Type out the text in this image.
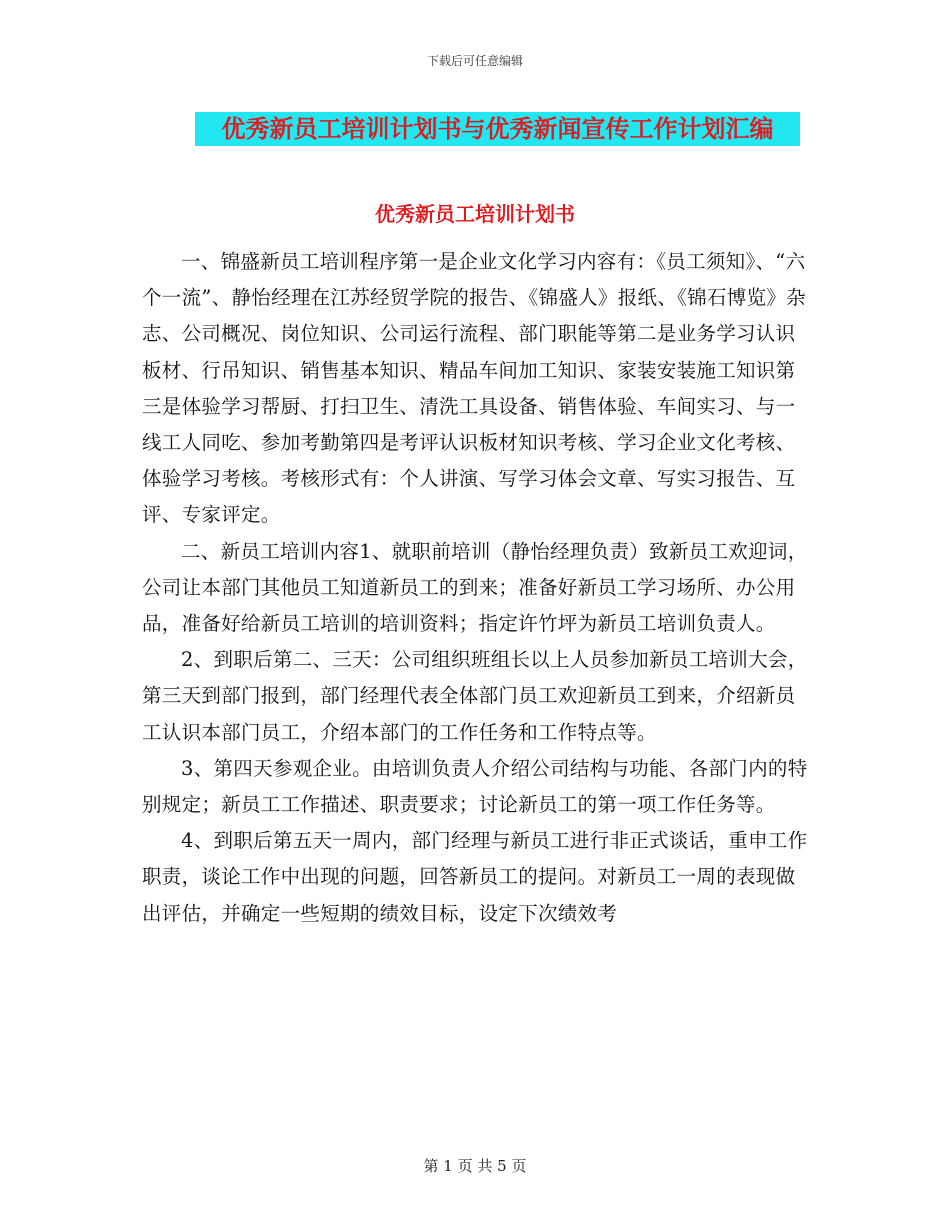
下载后可任意编辑
优秀新员工培训计划书与优秀新闻宣传工作计划汇编
优秀新员工培训计划书

一、锦盛新员工培训程序第一是企业文化学习内容有：《员工须知》、“六个一流”、静怡经理在江苏经贸学院的报告、《锦盛人》报纸、《锦石博览》杂志、公司概况、岗位知识、公司运行流程、部门职能等第二是业务学习认识板材、行吊知识、销售基本知识、精品车间加工知识、家装安装施工知识第三是体验学习帮厨、打扫卫生、清洗工具设备、销售体验、车间实习、与一线工人同吃、参加考勤第四是考评认识板材知识考核、学习企业文化考核、体验学习考核。考核形式有：个人讲演、写学习体会文章、写实习报告、互评、专家评定。

二、新员工培训内容1、就职前培训（静怡经理负责）致新员工欢迎词，公司让本部门其他员工知道新员工的到来；准备好新员工学习场所、办公用品，准备好给新员工培训的培训资料；指定许竹坪为新员工培训负责人。

2、到职后第二、三天：公司组织班组长以上人员参加新员工培训大会，第三天到部门报到，部门经理代表全体部门员工欢迎新员工到来，介绍新员工认识本部门员工，介绍本部门的工作任务和工作特点等。

3、第四天参观企业。由培训负责人介绍公司结构与功能、各部门内的特别规定；新员工工作描述、职责要求；讨论新员工的第一项工作任务等。

4、到职后第五天一周内，部门经理与新员工进行非正式谈话，重申工作职责，谈论工作中出现的问题，回答新员工的提问。对新员工一周的表现做出评估，并确定一些短期的绩效目标，设定下次绩效考

第 1 页 共 5 页
